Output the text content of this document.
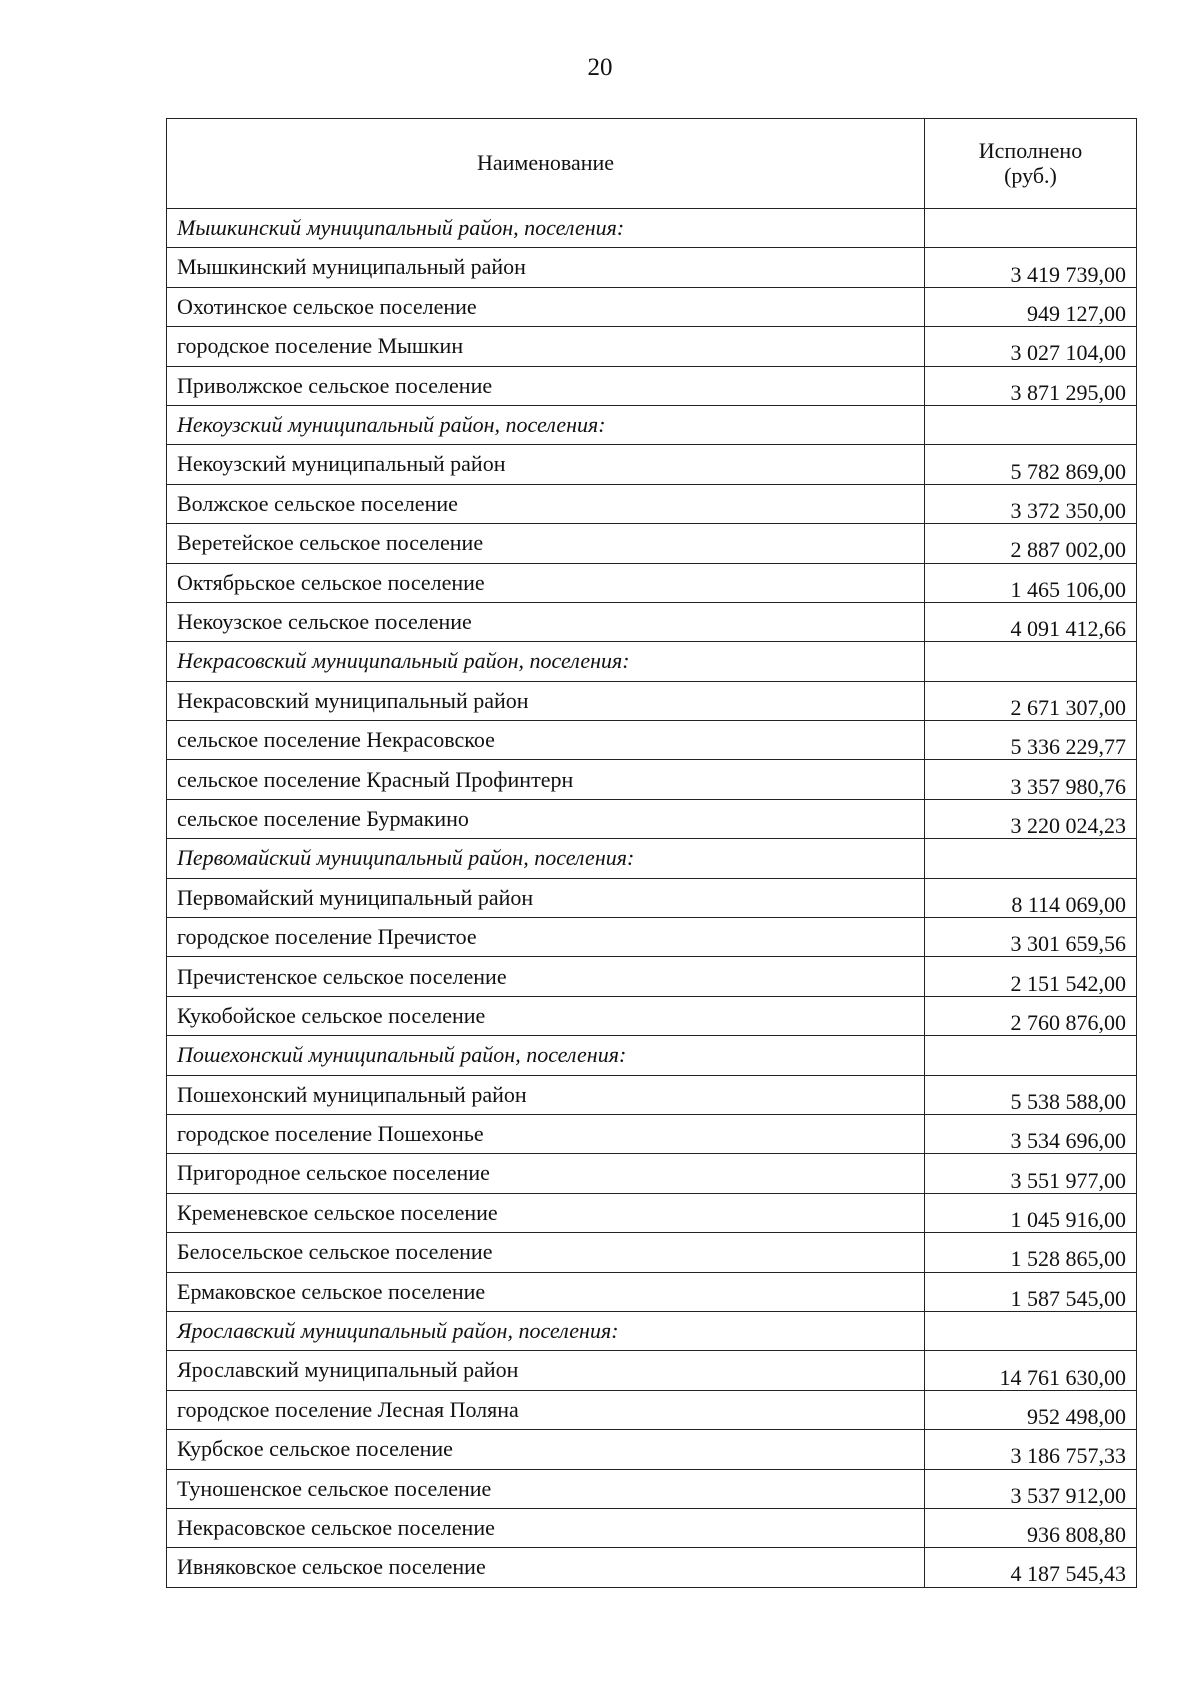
20
Наименование	Исполнено
(руб.)
Мышкинский муниципальный район, поселения:	
Мышкинский муниципальный район	3 419 739,00
Охотинское сельское поселение	949 127,00
городское поселение Мышкин	3 027 104,00
Приволжское сельское поселение	3 871 295,00
Некоузский муниципальный район, поселения:	
Некоузский муниципальный район	5 782 869,00
Волжское сельское поселение	3 372 350,00
Веретейское сельское поселение	2 887 002,00
Октябрьское сельское поселение	1 465 106,00
Некоузское сельское поселение	4 091 412,66
Некрасовский муниципальный район, поселения:	
Некрасовский муниципальный район	2 671 307,00
сельское поселение Некрасовское	5 336 229,77
сельское поселение Красный Профинтерн	3 357 980,76
сельское поселение Бурмакино	3 220 024,23
Первомайский муниципальный район, поселения:	
Первомайский муниципальный район	8 114 069,00
городское поселение Пречистое	3 301 659,56
Пречистенское сельское поселение	2 151 542,00
Кукобойское сельское поселение	2 760 876,00
Пошехонский муниципальный район, поселения:	
Пошехонский муниципальный район	5 538 588,00
городское поселение Пошехонье	3 534 696,00
Пригородное сельское поселение	3 551 977,00
Кременевское сельское поселение	1 045 916,00
Белосельское сельское поселение	1 528 865,00
Ермаковское сельское поселение	1 587 545,00
Ярославский муниципальный район, поселения:	
Ярославский муниципальный район	14 761 630,00
городское поселение Лесная Поляна	952 498,00
Курбское сельское поселение	3 186 757,33
Туношенское сельское поселение	3 537 912,00
Некрасовское сельское поселение	936 808,80
Ивняковское сельское поселение	4 187 545,43
